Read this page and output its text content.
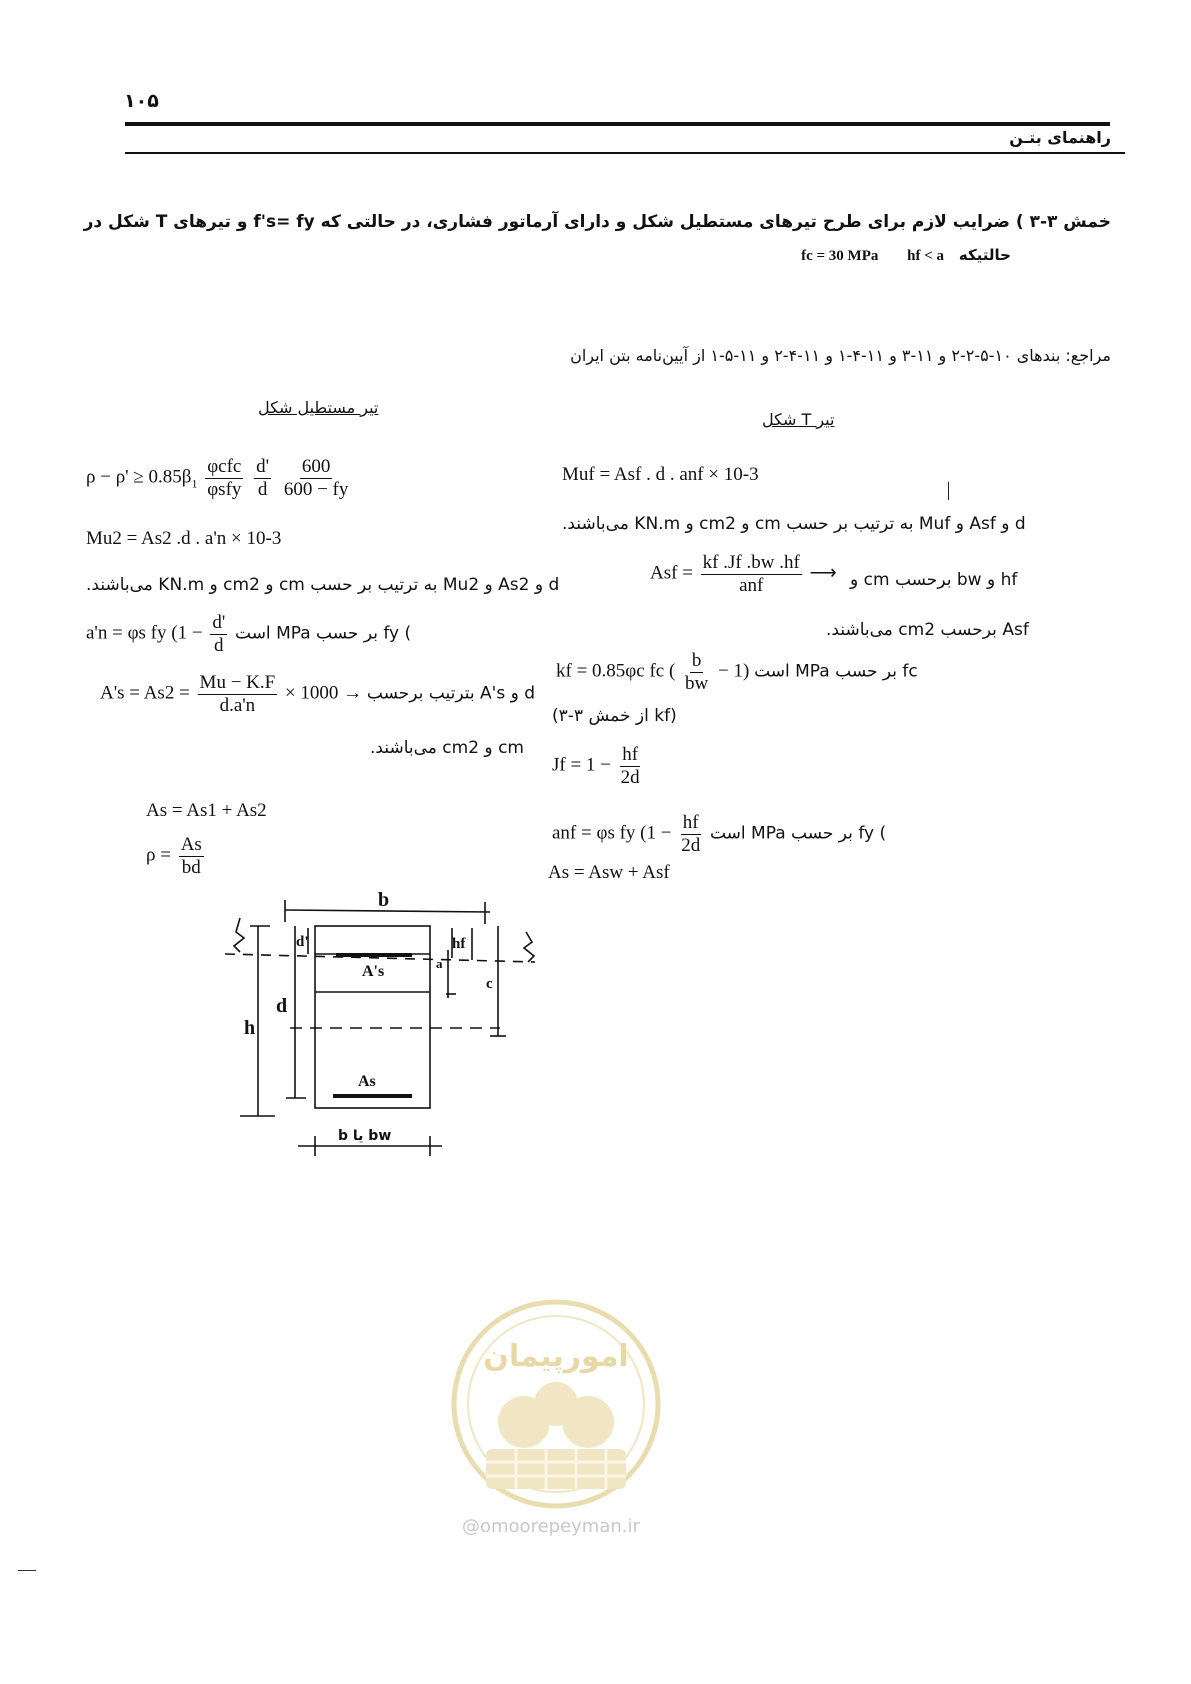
۱۰۵
راهنمای بتـن
خمش ۳-۳ ) ضرایب لازم برای طرح تیرهای مستطیل شکل و دارای آرماتور فشاری، در حالتی که f's= fy و تیرهای T شکل در
حالتیکه hf < a fc = 30 MPa
مراجع: بندهای ۱۰-۵-۲-۲ و ۱۱-۳ و ۱۱-۴-۱ و ۱۱-۴-۲ و ۱۱-۵-۱ از آیین‌نامه بتن ایران
تیر مستطیل شکل
$\rho - \rho' \ge 0.85\beta_1 \frac{\text{φcfc}}{\text{φsfy}}$
$\frac{d'}{d}$
$\frac{600}{600 - fy}$
Mu2 = As2 .d . a'n × 10-3
d و As2 و Mu2 به ترتیب بر حسب cm و cm2 و KN.m می‌باشند.
a'n = φs fy ($1 - \frac{d'}{d}$ ) fy بر حسب MPa است
$A's = As2 = \frac{Mu - K.F}{d.a'n} \times 1000 \to d$ و A's بترتیب برحسب
cm و cm2 می‌باشند.
As = As1 + As2
$\rho = \frac{As}{bd}$
تیر T شکل
Muf = Asf . d . anf × 10-3
d و Asf و Muf به ترتیب بر حسب cm و cm2 و KN.m می‌باشند.
Asf = $\frac{kf .Jf .bw .hf}{\text{anf}}$ ⟶ hf و bw برحسب cm و
Asf برحسب cm2 می‌باشند.
kf = 0.85φc fc ( $\frac{b}{bw} - 1$) fc بر حسب MPa است
(kf از خمش ۳-۳)
$Jf = 1 - \frac{hf}{2d}$
anf = φs fy ($1 - \frac{hf}{2d}$ ) fy بر حسب MPa است
As = Asw + Asf
b
d'	hf
a
c
d
h
A's
As
b یا bw
امورپیمان
@omoorepeyman.ir
